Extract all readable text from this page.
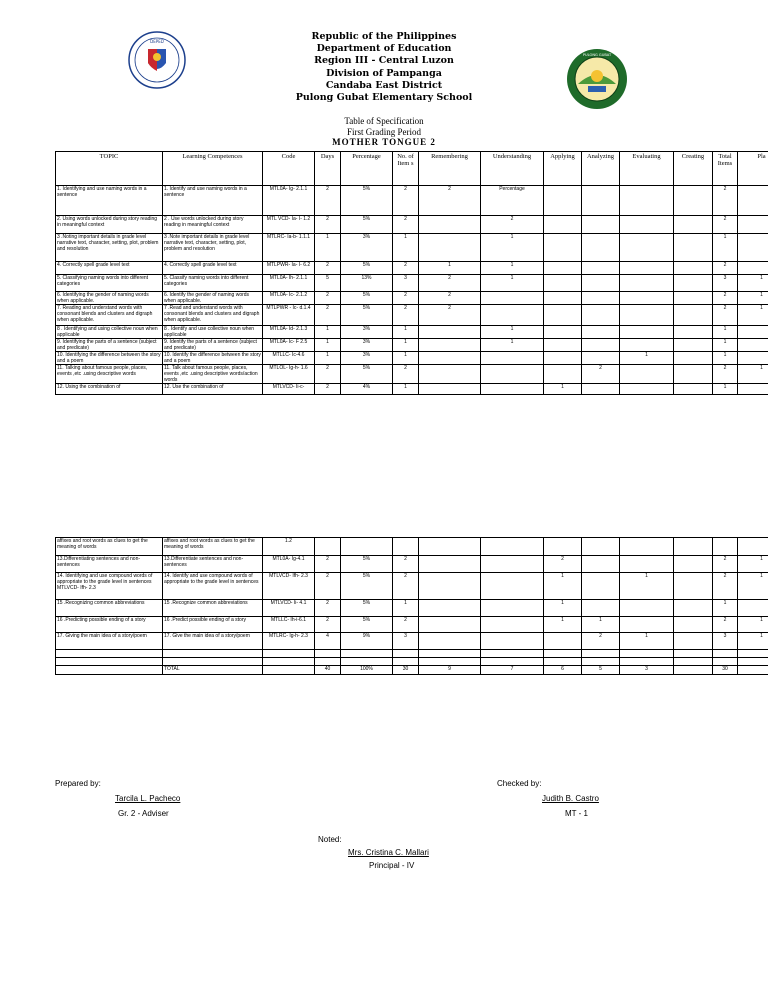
DEPED
PULONG GUBAT
Republic of the Philippines
Department of Education
Region III - Central Luzon
Division of Pampanga
Candaba East District
Pulong Gubat Elementary School
Table of Specification
First Grading Period
MOTHER TONGUE 2
TOPIC	Learning Competences	Code	Days	Percentage	No. of Item s	Remembering	Understanding	Applying	Analyzing	Evaluating	Creating	Total Items	Pla
1. Identifying and use naming words in a sentence	1. Identify and use naming words in a sentence	MTL0A- Ig- 2.1.1	2	5%	2	2	Percentage					2	
2. Using words unlocked during story reading in meaningful context	2 . Use words unlocked during story reading in meaningful context	MTL VCD- Ia- I- 1.2	2	5%	2		2					2	
3 .Noting important details in grade level narrative text, character, setting, plot, problem and resolution	3 .Note important details in grade level narrative text, character, setting, plot, problem and resolution	MTLRC- Ia-b- 1.1.1	1	3%	1		1					1	
4. Correctly spell grade level text	4. Correctly spell grade level text	MTLPWR- Ia- I- 6.2	2	5%	2	1	1					2	
5. Classifying naming words into different categories	5. Classify naming words into different categories	MTL0A- Ih- 2.1.1	5	13%	3	2	1					3	1
6. Identifying the gender of naming words when applicable.	6. Identify the gender of naming words when applicable.	MTL0A- Ic- 2.1.2	2	5%	2	2						2	1
7. Reading and understand words with consonant blends and clusters and digraph when applicable.	7 .Read and understand words with consonant blends and clusters and digraph when applicable.	MTLPWR - Ic- d.1.4	2	5%	2	2						2	1
8 . Identifying and using collective noun when applicable	8 . Identify and use collective noun when applicable	MTL0A- Id- 2.1.3	1	3%	1		1					1	
9. Identifying the parts of a sentence (subject and predicate)	9. Identify the parts of a sentence (subject and predicate)	MTL0A- Ic- F 2.5	1	3%	1		1					1	
10. Identifying the difference between the story and a poem	10. Identify the difference between the story and a poem	MTLLC- Ic-4.6	1	3%	1					1		1	
11. Talking about famous people, places, events ,etc .using descriptive words	11. Talk about famous people, places, events ,etc .using descriptive words/action words	MTLOL- Ig-h- 1.6	2	5%	2				2			2	1
12. Using the combination of	12. Use the combination of	MTLVCD- Ii-c-	2	4%	1			1				1	
affixes and root words as clues to get the meaning of words	affixes and root words as clues to get the meaning of words	1.2											
13.Differentiating sentences and non-sentences	13.Differentiate sentences and non-sentences	MTL0A- Ig-4.1	2	5%	2			2				2	1
14. Identifying and use compound words of appropriate to the grade level in sentences MTLVCD- Ifh- 2.3	14. Identify and use compound words of appropriate to the grade level in sentences	MTLVCD- Ifh- 2.3	2	5%	2			1		1		2	1
15 .Recognizing common abbreviations	15 .Recognize common abbreviations	MTLVCD- Ii- 4.1	2	5%	1			1				1	
16 .Predicting possible ending of a story	16 .Predict possible ending of a story	MTLLC- Ih-i-6.1	2	5%	2			1	1			2	1
17. Giving the main idea of a story/poem	17. Give the main idea of a story/poem	MTLRC- Ig-h- 2.3	4	9%	3				2	1		3	1

	TOTAL		40	100%	30	9	7	6	5	3		30	
Prepared by:
Tarcila L. Pacheco
Gr. 2 - Adviser
Checked by:
Judith B. Castro
MT - 1
Noted:
Mrs. Cristina C. Mallari
Principal - IV
